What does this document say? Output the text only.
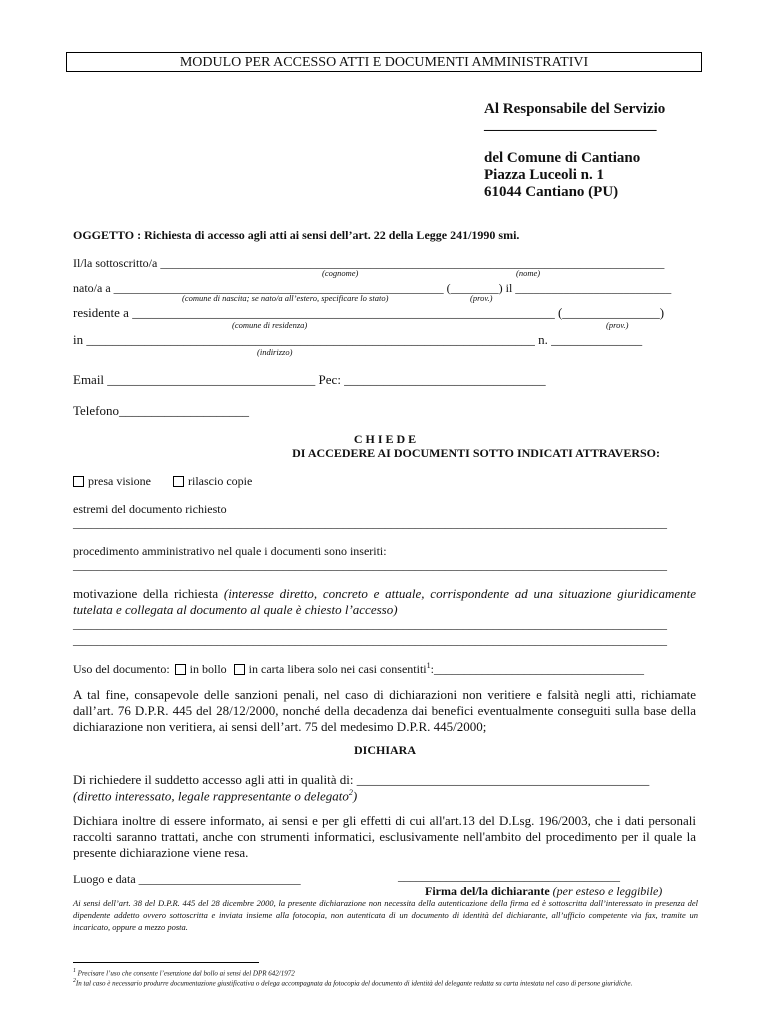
MODULO PER ACCESSO ATTI E DOCUMENTI AMMINISTRATIVI
Al Responsabile del Servizio
_______________________
del Comune di Cantiano
Piazza Luceoli n. 1
61044 Cantiano (PU)
OGGETTO : Richiesta di accesso agli atti ai sensi dell’art. 22 della Legge 241/1990 smi.
Il/la sottoscritto/a ____________________________________________________________________________________
(cognome)	(nome)
nato/a a _______________________________________________________ (________) il __________________________
(comune di nascita; se nato/a all’estero, specificare lo stato)	(prov.)
residente a _________________________________________________________________ (_______________)
(comune di residenza)	(prov.)
in _____________________________________________________________________ n. ______________
(indirizzo)
Email ________________________________ Pec: _______________________________
Telefono____________________
C H I E D E
DI ACCEDERE AI DOCUMENTI SOTTO INDICATI ATTRAVERSO:
presa visione	rilascio copie
estremi del documento richiesto
___________________________________________________________________________________________________
procedimento amministrativo nel quale i documenti sono inseriti:
___________________________________________________________________________________________________
motivazione della richiesta (interesse diretto, concreto e attuale, corrispondente ad una situazione giuridicamente tutelata e collegata al documento al quale è chiesto l’accesso)
___________________________________________________________________________________________________
___________________________________________________________________________________________________
Uso del documento: in bollo in carta libera solo nei casi consentiti$^1$:___________________________________
A tal fine, consapevole delle sanzioni penali, nel caso di dichiarazioni non veritiere e falsità negli atti, richiamate dall’art. 76 D.P.R. 445 del 28/12/2000, nonché della decadenza dai benefici eventualmente conseguiti sulla base della dichiarazione non veritiera, ai sensi dell’art. 75 del medesimo D.P.R. 445/2000;
DICHIARA
Di richiedere il suddetto accesso agli atti in qualità di: _____________________________________________
(diretto interessato, legale rappresentante o delegato$^2$)
Dichiara inoltre di essere informato, ai sensi e per gli effetti di cui all'art.13 del D.Lsg. 196/2003, che i dati personali raccolti saranno trattati, anche con strumenti informatici, esclusivamente nell'ambito del procedimento per il quale la presente dichiarazione viene resa.
Luogo e data ___________________________	_____________________________________
Firma del/la dichiarante (per esteso e leggibile)
Ai sensi dell’art. 38 del D.P.R. 445 del 28 dicembre 2000, la presente dichiarazione non necessita della autenticazione della firma ed è sottoscritta dall’interessato in presenza del dipendente addetto ovvero sottoscritta e inviata insieme alla fotocopia, non autenticata di un documento di identità del dichiarante, all’ufficio competente via fax, tramite un incaricato, oppure a mezzo posta.
$^1$ Precisare l’uso che consente l’esenzione dal bollo ai sensi del DPR 642/1972
$^2$In tal caso è necessario produrre documentazione giustificativa o delega accompagnata da fotocopia del documento di identità del delegante redatta su carta intestata nel caso di persone giuridiche.
